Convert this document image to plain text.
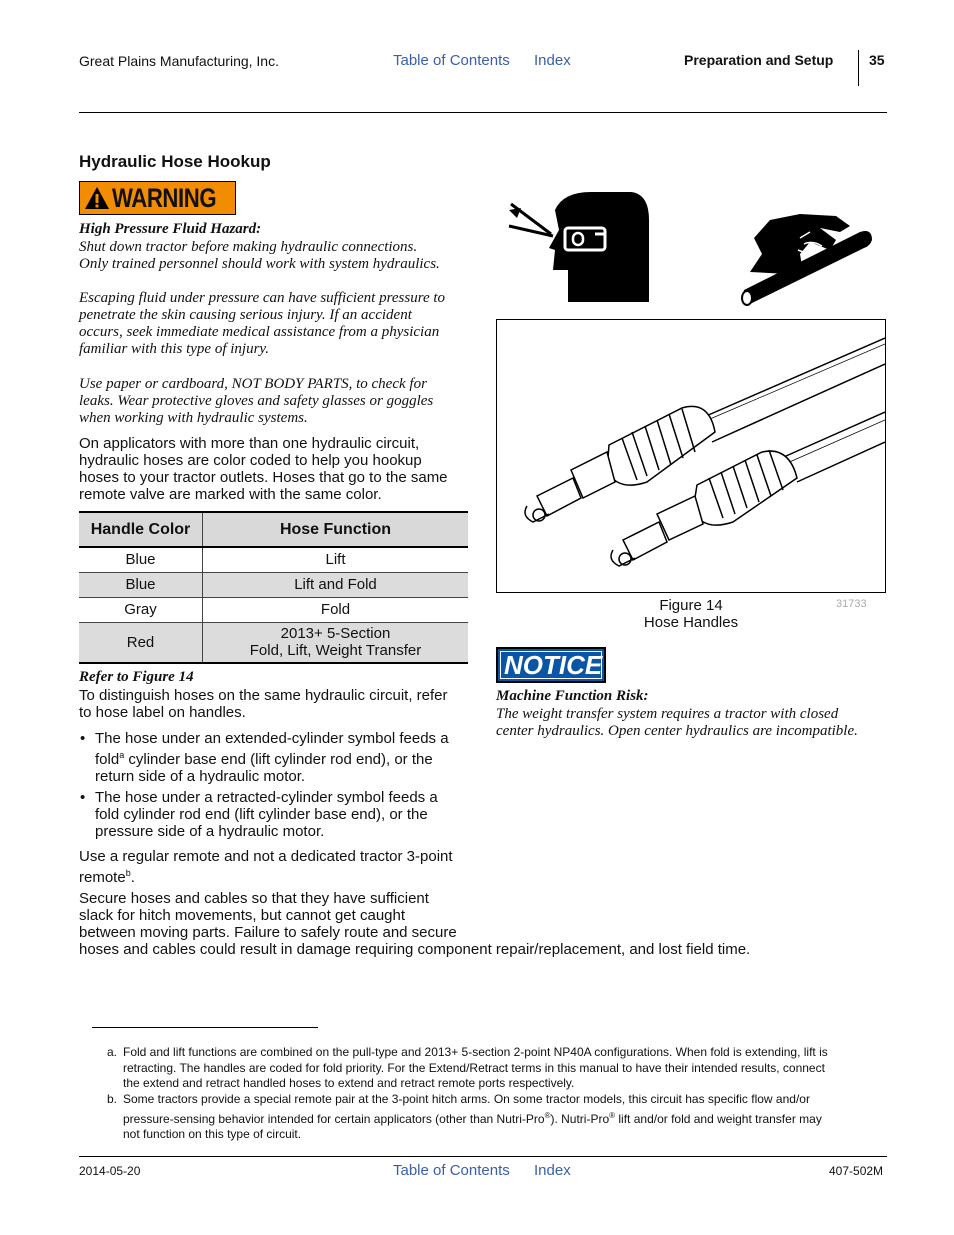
Great Plains Manufacturing, Inc.	Table of Contents Index	Preparation and Setup	35
Hydraulic Hose Hookup
WARNING
High Pressure Fluid Hazard:
Shut down tractor before making hydraulic connections.
Only trained personnel should work with system hydraulics.
Escaping fluid under pressure can have sufficient pressure to
penetrate the skin causing serious injury. If an accident
occurs, seek immediate medical assistance from a physician
familiar with this type of injury.
Use paper or cardboard, NOT BODY PARTS, to check for
leaks. Wear protective gloves and safety glasses or goggles
when working with hydraulic systems.
On applicators with more than one hydraulic circuit,
hydraulic hoses are color coded to help you hookup
hoses to your tractor outlets. Hoses that go to the same
remote valve are marked with the same color.
Handle Color	Hose Function
Blue	Lift
Blue	Lift and Fold
Gray	Fold
Red	2013+ 5-Section
Fold, Lift, Weight Transfer
Refer to Figure 14
To distinguish hoses on the same hydraulic circuit, refer
to hose label on handles.
• The hose under an extended-cylinder symbol feeds a
fold$^a$ cylinder base end (lift cylinder rod end), or the
return side of a hydraulic motor.
• The hose under a retracted-cylinder symbol feeds a
fold cylinder rod end (lift cylinder base end), or the
pressure side of a hydraulic motor.
Use a regular remote and not a dedicated tractor 3-point
remote$^b$.
Secure hoses and cables so that they have sufficient
slack for hitch movements, but cannot get caught
between moving parts. Failure to safely route and secure
hoses and cables could result in damage requiring component repair/replacement, and lost field time.
Figure 14
Hose Handles
31733
NOTICE
Machine Function Risk:
The weight transfer system requires a tractor with closed
center hydraulics. Open center hydraulics are incompatible.
a. Fold and lift functions are combined on the pull-type and 2013+ 5-section 2-point NP40A configurations. When fold is extending, lift is
retracting. The handles are coded for fold priority. For the Extend/Retract terms in this manual to have their intended results, connect
the extend and retract handled hoses to extend and retract remote ports respectively.
b. Some tractors provide a special remote pair at the 3-point hitch arms. On some tractor models, this circuit has specific flow and/or
pressure-sensing behavior intended for certain applicators (other than Nutri-Pro®). Nutri-Pro® lift and/or fold and weight transfer may
not function on this type of circuit.
2014-05-20	Table of Contents Index	407-502M
